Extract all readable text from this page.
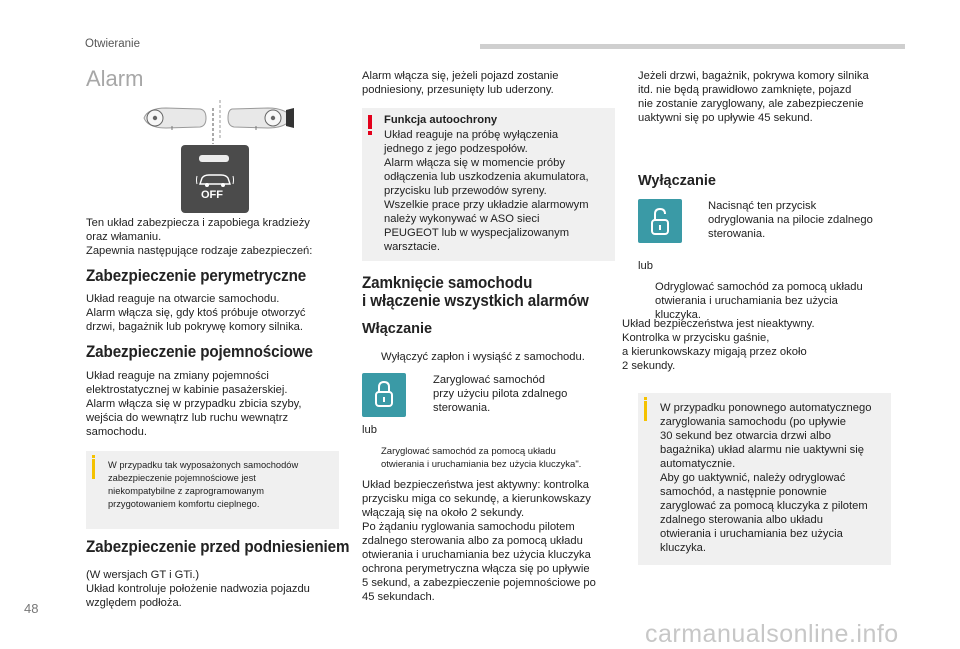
Otwieranie
Alarm
OFF

Ten układ zabezpiecza i zapobiega kradzieży
oraz włamaniu.
Zapewnia następujące rodzaje zabezpieczeń:

Zabezpieczenie perymetryczne

Układ reaguje na otwarcie samochodu.
Alarm włącza się, gdy ktoś próbuje otworzyć
drzwi, bagażnik lub pokrywę komory silnika.

Zabezpieczenie pojemnościowe

Układ reaguje na zmiany pojemności
elektrostatycznej w kabinie pasażerskiej.
Alarm włącza się w przypadku zbicia szyby,
wejścia do wewnątrz lub ruchu wewnątrz
samochodu.

W przypadku tak wyposażonych samochodów
zabezpieczenie pojemnościowe jest
niekompatybilne z zaprogramowanym
przygotowaniem komfortu cieplnego.
Zabezpieczenie przed podniesieniem

(W wersjach GT i GTi.)
Układ kontroluje położenie nadwozia pojazdu
względem podłoża.

Alarm włącza się, jeżeli pojazd zostanie
podniesiony, przesunięty lub uderzony.

Funkcja autoochrony

Układ reaguje na próbę wyłączenia
jednego z jego podzespołów.
Alarm włącza się w momencie próby
odłączenia lub uszkodzenia akumulatora,
przycisku lub przewodów syreny.
Wszelkie prace przy układzie alarmowym
należy wykonywać w ASO sieci
PEUGEOT lub w wyspecjalizowanym
warsztacie.

Zamknięcie samochodu
i włączenie wszystkich alarmów
Włączanie

Wyłączyć zapłon i wysiąść z samochodu.

Zaryglować samochód
przy użyciu pilota zdalnego
sterowania.

lub
Zaryglować samochód za pomocą układu
otwierania i uruchamiania bez użycia kluczyka".

Układ bezpieczeństwa jest aktywny: kontrolka
przycisku miga co sekundę, a kierunkowskazy
włączają się na około 2 sekundy.
Po żądaniu ryglowania samochodu pilotem
zdalnego sterowania albo za pomocą układu
otwierania i uruchamiania bez użycia kluczyka
ochrona perymetryczna włącza się po upływie
5 sekund, a zabezpieczenie pojemnościowe po
45 sekundach.

Jeżeli drzwi, bagażnik, pokrywa komory silnika
itd. nie będą prawidłowo zamknięte, pojazd
nie zostanie zaryglowany, ale zabezpieczenie
uaktywni się po upływie 45 sekund.

Wyłączanie

Nacisnąć ten przycisk
odryglowania na pilocie zdalnego
sterowania.

lub

Odryglować samochód za pomocą układu
otwierania i uruchamiania bez użycia
kluczyka.

Układ bezpieczeństwa jest nieaktywny.
Kontrolka w przycisku gaśnie,
a kierunkowskazy migają przez około
2 sekundy.

W przypadku ponownego automatycznego
zaryglowania samochodu (po upływie
30 sekund bez otwarcia drzwi albo
bagażnika) układ alarmu nie uaktywni się
automatycznie.
Aby go uaktywnić, należy odryglować
samochód, a następnie ponownie
zaryglować za pomocą kluczyka z pilotem
zdalnego sterowania albo układu
otwierania i uruchamiania bez użycia
kluczyka.

48
carmanualsonline.info
